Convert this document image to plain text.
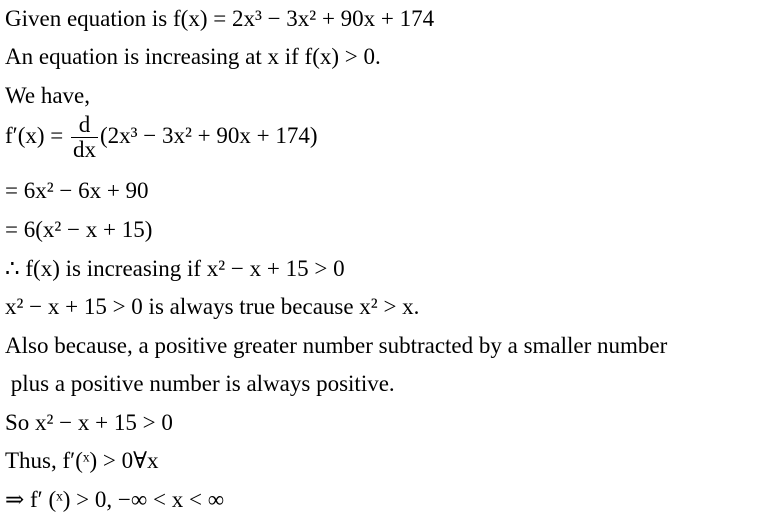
Given equation is f(x) = 2x³ − 3x² + 90x + 174
An equation is increasing at x if f(x) > 0.
We have,
$f'(x) = \frac{d}{dx} (2x^3 - 3x^2 + 90x + 174)$
= 6x² − 6x + 90
= 6(x² − x + 15)
∴ f(x) is increasing if x² − x + 15 > 0
x² − x + 15 > 0 is always true because x² > x.
Also because, a positive greater number subtracted by a smaller number
plus a positive number is always positive.
So x² − x + 15 > 0
Thus, f′(ˣ) > 0∀x
⇒ f′ (ˣ) > 0, −∞ < x < ∞
